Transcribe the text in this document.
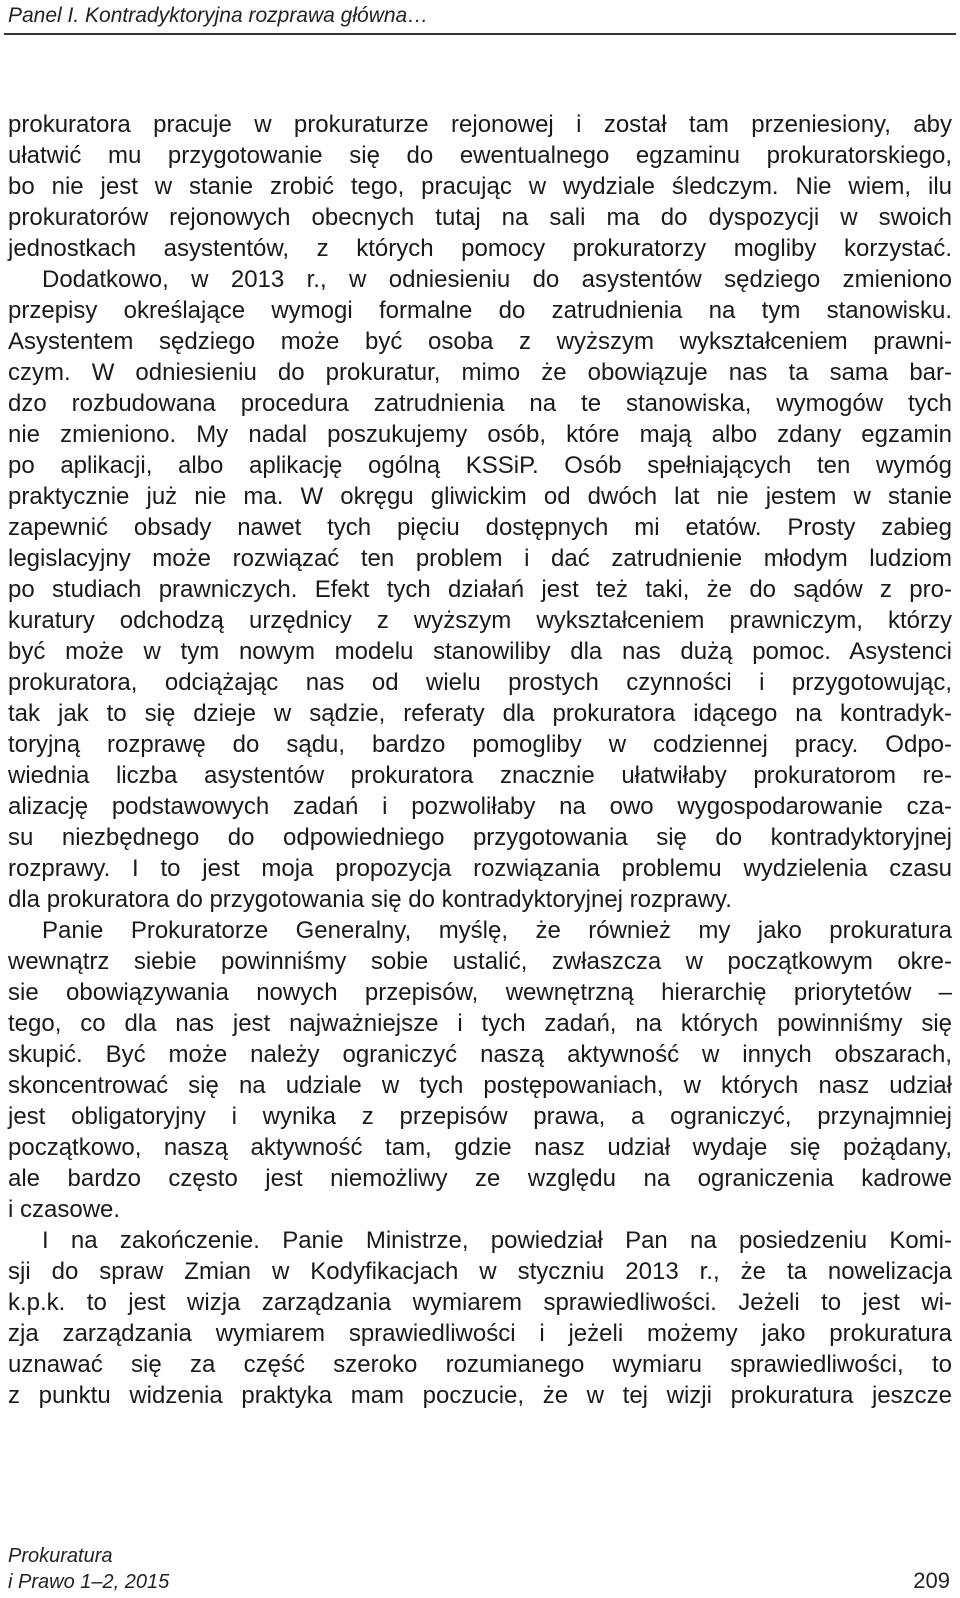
Panel I. Kontradyktoryjna rozprawa główna…
prokuratora pracuje w prokuraturze rejonowej i został tam przeniesiony, aby
ułatwić mu przygotowanie się do ewentualnego egzaminu prokuratorskiego,
bo nie jest w stanie zrobić tego, pracując w wydziale śledczym. Nie wiem, ilu
prokuratorów rejonowych obecnych tutaj na sali ma do dyspozycji w swoich
jednostkach asystentów, z których pomocy prokuratorzy mogliby korzystać.
Dodatkowo, w 2013 r., w odniesieniu do asystentów sędziego zmieniono
przepisy określające wymogi formalne do zatrudnienia na tym stanowisku.
Asystentem sędziego może być osoba z wyższym wykształceniem prawni-
czym. W odniesieniu do prokuratur, mimo że obowiązuje nas ta sama bar-
dzo rozbudowana procedura zatrudnienia na te stanowiska, wymogów tych
nie zmieniono. My nadal poszukujemy osób, które mają albo zdany egzamin
po aplikacji, albo aplikację ogólną KSSiP. Osób spełniających ten wymóg
praktycznie już nie ma. W okręgu gliwickim od dwóch lat nie jestem w stanie
zapewnić obsady nawet tych pięciu dostępnych mi etatów. Prosty zabieg
legislacyjny może rozwiązać ten problem i dać zatrudnienie młodym ludziom
po studiach prawniczych. Efekt tych działań jest też taki, że do sądów z pro-
kuratury odchodzą urzędnicy z wyższym wykształceniem prawniczym, którzy
być może w tym nowym modelu stanowiliby dla nas dużą pomoc. Asystenci
prokuratora, odciążając nas od wielu prostych czynności i przygotowując,
tak jak to się dzieje w sądzie, referaty dla prokuratora idącego na kontradyk-
toryjną rozprawę do sądu, bardzo pomogliby w codziennej pracy. Odpo-
wiednia liczba asystentów prokuratora znacznie ułatwiłaby prokuratorom re-
alizację podstawowych zadań i pozwoliłaby na owo wygospodarowanie cza-
su niezbędnego do odpowiedniego przygotowania się do kontradyktoryjnej
rozprawy. I to jest moja propozycja rozwiązania problemu wydzielenia czasu
dla prokuratora do przygotowania się do kontradyktoryjnej rozprawy.
Panie Prokuratorze Generalny, myślę, że również my jako prokuratura
wewnątrz siebie powinniśmy sobie ustalić, zwłaszcza w początkowym okre-
sie obowiązywania nowych przepisów, wewnętrzną hierarchię priorytetów –
tego, co dla nas jest najważniejsze i tych zadań, na których powinniśmy się
skupić. Być może należy ograniczyć naszą aktywność w innych obszarach,
skoncentrować się na udziale w tych postępowaniach, w których nasz udział
jest obligatoryjny i wynika z przepisów prawa, a ograniczyć, przynajmniej
początkowo, naszą aktywność tam, gdzie nasz udział wydaje się pożądany,
ale bardzo często jest niemożliwy ze względu na ograniczenia kadrowe
i czasowe.
I na zakończenie. Panie Ministrze, powiedział Pan na posiedzeniu Komi-
sji do spraw Zmian w Kodyfikacjach w styczniu 2013 r., że ta nowelizacja
k.p.k. to jest wizja zarządzania wymiarem sprawiedliwości. Jeżeli to jest wi-
zja zarządzania wymiarem sprawiedliwości i jeżeli możemy jako prokuratura
uznawać się za część szeroko rozumianego wymiaru sprawiedliwości, to
z punktu widzenia praktyka mam poczucie, że w tej wizji prokuratura jeszcze
Prokuratura
i Prawo 1–2, 2015	209
